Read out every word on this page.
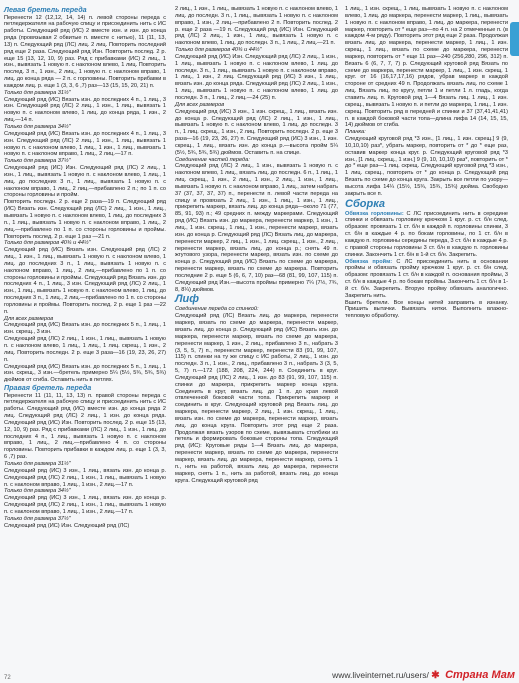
Левая бретель переда

Перенести 12 (12,12, 14, 14) п. левой стороны переда с петледержателя на рабочую спицу и присоединить нить с ИС работы. Следующий ряд (ИС) 2 вместе изн. и изн. до конца ряда (провязывая 2 обвитые п. вместе с нитью), 11 (11, 13, 13) п. Следующий ряд (ЛС) лиц. 2 лиц. Повторить последний ряд еще 2 раза. Следующий ряд Изн. Повторить послед. 2 р. еще 15 (13, 12, 10, 9) раз. Ряд с прибавками (ИС) 2 лиц., 1 изн., вывязать 1 новую п. с наклоном влево, 1 лиц. Повторить послед. 3 п., 1 изн., 2 лиц., 1 новую п. с наклоном вправо, 1 лиц. до конца ряда — 2 п. с горловины. Повторить прибавки в каждом лиц. р. еще 1 (3, 3, 6 ,7) раз—13 (15, 15, 20, 21) п.

Только для размера 31½"

Следующий ряд (ИС) Вязать изн. до последних 4 п., 1 лиц., 3 изн. Следующий ряд (ЛС) 2 лиц., 1 изн., 1 лиц., вывязать 1 новую п. с наклоном влево, 1 лиц. до конца ряда, 1 изн., 2 лиц.—14 п.

Только для размера 34½"

Следующий ряд (ИС) Вязать изн. до последних 4 п., 1 лиц., 3 изн. Следующий ряд (ЛС) 2 лиц., 1 изн., 1 лиц., вывязать 1 новую п. с наклоном влево, 1 лиц., 1 изн., 1 лиц., вывязать 1 новую п. с наклоном вправо, 1 лиц., 2 лиц.—17 п.

Только для размера 37½"

Следующий ряд (ИС) Изн. Следующий ряд (ЛС) 2 лиц., 1 изн., 1 лиц., вывязать 1 новую п. с наклоном влево, 1 лиц., 1 лиц. до последних 3 п., 1 лиц., вывязать 1 новую п. с наклоном вправо, 1 лиц., 2 лиц.—прибавлено 2 п.; по 1 п. со стороны горловины и пройм.

Повторить последн. 2 р. еще 2 раза—19 п. Следующий ряд (ИС) Вязать изн. Следующий ряд (ЛС) 2 лиц., 1 изн., 1 лиц., вывязать 1 новую п. с наклоном влево, 1 лиц. до последних 3 п., 1 лиц., вывязать 1 новую п. с наклоном вправо, 1 лиц., 2 лиц.—прибавлено по 1 п. со стороны горловины и проймы. Повторить послед. 2 р. еще 1 раз —21 п.

Только для размеров 40¾ и 44½"

Следующий ряд (ИС) Вязать изн. Следующий ряд (ЛС) 2 лиц., 1 изн., 1 лиц., вывязать 1 новую п. с наклоном влево, 1 лиц. до последних 3 п., 1 лиц., вывязать 1 новую п. с наклоном вправо, 1 лиц., 2 лиц.—прибавлено по 1 п. со стороны горловины и проймы. Следующий ряд Вязать изн. до последних 4 п., 1 лиц., 3 изн. Следующий ряд (ЛС) 2 лиц., 1 изн., 1 лиц., вывязать 1 новую п. с наклоном влево, 1 лиц. до последних 3 п., 1 лиц., 2 лиц.—прибавлено по 1 п. со стороны горловины и проймы. Повторить послед. 2 р. еще 1 раз —22 п.

Для всех размеров

Следующий ряд (ИС) Вязать изн. до последних 5 п., 1 лиц., 1 изн. скрещ., 3 изн.

Следующий ряд (ЛС) 2 лиц., 1 изн., 1 лиц., вывязать 1 новую п. с наклоном влево, 1 лиц., 1 лиц., 1 лиц. скрещ., 1 изн., 2 лиц. Повторить последн. 2 р. еще 3 раза—16 (19, 23, 26, 27) п.

Следующий ряд (ИС) Вязать изн. до последних 5 п., 1 лиц., 1 изн. скрещ., 3 изн.—бретель примерно 5¼ (5½, 5¾, 5¾, 5¾) дюймов от сгиба. Оставить нить в петлях.

Правая бретель переда

Перенести 11 (11, 11, 13, 13) п. правой стороны переда с петледержателя на рабочую спицу и присоединить нить с ИС работы. Следующий ряд (ИС) вместе изн. до конца ряда 2 лиц. Следующий ряд (ЛС) 2 лиц., 1 изн. до конца ряда. Следующий ряд (ИС) Изн. Повторить послед. 2 р. еще 15 (13, 12, 10, 9) раз. Ряд с прибавками (ЛС) 2 лиц., 1 изн., 1 лиц. до последних 4 п., 1 лиц., вывязать 1 новую п. с наклоном вправо, 1 лиц., 2 лиц.—прибавлено 4 п. со стороны горловины. Повторить прибавки в каждом лиц. р. еще 1 (3, 3, 6 ,7) раз.

Только для размера 31½"

Следующий ряд (ИС) 3 изн., 1 лиц., вязать изн. до конца р. Следующий ряд (ЛС) 2 лиц., 1 изн., 1 лиц., вывязать 1 новую п. с наклоном вправо, 1 лиц., 1 изн., 2 лиц.—17 п.

Только для размера 34½"

Следующий ряд (ИС) 3 изн., 1 лиц., вязать изн. до конца р. Следующий ряд (ЛС) 2 лиц., 1 изн., 1 лиц., вывязать 1 новую п. с наклоном вправо, 1 лиц., 1 изн., 2 лиц.—17 п.

Только для размера 37½"

Следующий ряд (ИС) Изн. Следующий ряд (ЛС)

2 лиц., 1 изн., 1 лиц., вывязать 1 новую п. с наклоном влево, 1 лиц. до последн. 3 п., 1 лиц., вывязать 1 новую п. с наклоном вправо, 1 изн., 2 лиц.—прибавлено 2 п. Повторить послед. 2 р. еще 2 раза —19 п. Следующий ряд (ИС) Изн. Следующий ряд (ЛС) 2 лиц., 1 изн., 1 лиц., вывязать 1 новую п. с наклоном влево, 1 лиц. до последн. 3 п., 1 лиц., 2 лиц.—21 п.

Только для размеров 40¾ и 44½"

Следующий ряд (ИС) Изн. Следующий ряд (ЛС) 2 лиц., 1 изн., 1 лиц., вывязать 1 новую п. с наклоном влево, 1 лиц. до последн. 3 п., 1 лиц., вывязать 1 новую п. с наклоном вправо, 1 лиц., 1 изн., 2 лиц. Следующий ряд (ИС) 3 изн., 1 лиц., вязать изн. до конца ряда. Следующий ряд (ЛС) 2 лиц., 1 изн., 1 лиц., вывязать 1 новую п. с наклоном влево, 1 лиц. до последн. 3 п., 1 лиц., 2 лиц.—24 (25) п.

Для всех размеров

Следующий ряд (ИС) 3 изн., 1 изн. скрещ., 1 лиц., вязать изн. до конца р. Следующий ряд (ЛС) 2 лиц., 1 изн., 1 лиц., вывязать 1 новую п. с наклоном влево, 1 лиц. до последн. 3 п., 1 лиц. скрещ., 1 изн., 2 лиц. Повторить последн. 2 р. еще 3 раза—16 (19, 23, 26, 27) п. Следующий ряд (ИС) 3 изн., 1 изн. скрещ., 1 лиц., вязать изн. до конца р.—высота пройм 5¼ (5½, 5¾, 5¾, 5¾) дюймов. Оставить п. на спице.

Соединение частей переда:

Следующий ряд (ЛС) 2 лиц., 1 изн., вывязать 1 новую п. с наклоном влево, 1 лиц., вязать лиц. до последн. 6 п., 1 лиц., 1 лиц. скрещ., 1 изн., 2 лиц., 1 изн., 2 лиц., 1 изн., 1 лиц., вывязать 1 новую п. с наклоном вправо, 1 лиц., затем набрать 37 (37, 37, 37, 37) п., перенести п. левой части переда на спицу и провязать 2 лиц., 1 изн., 1 лиц., 1 изн., 1 лиц., прикрепить маркер, вязать лиц. до конца ряда—около 71 (77, 85, 91, 93) п.; 49 средних п. между маркерами. Следующий ряд (ИС) Вязать изн. до маркера, перенести маркер, 1 изн., 1 лиц., 1 изн. скрещ., 1 лиц., 1 изн., перенести маркер, вязать изн. до конца р. Следующий ряд (ЛС) Вязать лиц. до маркера, перенести маркер, 2 лиц., 1 изн., 1 лиц. скрещ., 1 изн., 2 лиц., перенести маркер, вязать лиц. до конца р.; снять 49 п. жгутового узора, перенести маркер, вязать изн. по схеме до конца р. Следующий ряд (ИС) Вязать по схеме до маркера, перенести маркер, вязать по схеме до маркера. Повторить последние 2 р. еще 5 (6, 6, 7, 10) раз—68 (81, 99, 107, 115) п. Следующий ряд Изн.—высота проймы примерно 7¼ (7½, 7¾, 8, 8¼) дюймов.

Лиф

Соединение переда со спинкой:

Следующий ряд (ЛС) Вязать лиц. до маркера, перенести маркер, вязать по схеме до маркера, перенести маркер, вязать лиц. до конца р. Следующий ряд (ИС) Вязать изн. до маркера, перенести маркер, вязать по схеме до маркера, перенести маркер, 1 изн., 2 лиц., прибавлено 3 п., набрать 3 (3, 5, 5, 7) п., перенести маркер, перенести 83 (91, 99, 107, 115) п. спинки на ту же спицу с ИС работы, 2 лиц., 1 изн. до последн. 3 п., 1 изн., 2 лиц., прибавлено 3 п., набрать 3 (3, 5, 5, 7) п.—172 (188, 208, 224, 244) п. Соединить в круг. Следующий ряд (ЛС) 2 лиц., 1 изн. до 83 (91, 99, 107, 115) п. спинки до маркера, прикрепить маркер конца круга. Соединить в круг, вязать лиц. до 1 п. до края левой отвлеченной боковой части топа. Прикрепить маркер и соединить в круг. Следующий круговой ряд Вязать лиц. до маркера, перенести маркер, 2 лиц., 1 изн. скрещ., 1 лиц., вязать изн. по схеме до маркера, перенести маркер, вязать лиц. до конца круга. Повторить этот ряд еще 2 раза. Продолжая вязать узоров по схеме, вывязывать столбики из петель и формировать боковые стороны топа. Следующий ряд (ИС): Круговые ряды 1—4 Вязать лиц. до маркера, перенести маркер, вязать по схеме до маркера, перенести маркер, вязать лиц. до маркера, перенести маркер, снять 1 п., нить на работой, вязать лиц. до маркера, перенести маркер, снять 1 п., нить за работой, вязать лиц. до конца круга. Следующий круговой ряд

1 лиц., 1 изн. скрещ., 1 лиц. вывязать 1 новую п. с наклоном влево, 1 лиц. до маркера, перенести маркер, 1 лиц., вывязать 1 новую п. с наклоном вправо, 1 лиц. до маркера, перенести маркер, повторить от * еще раз—по 4 п. на 2 отмеченные п. (в каждом 4-м ряду). Повторить этот ряд еще 2 раза. Продолжая вязать лиц. до маркера, перенести маркер, 1 лиц., 1 изн. скрещ., 1 лиц., вязать по схеме до маркера, перенести маркер, повторить от * еще 11 раз—240 (256,280, 296, 312) п. Вязать 6 (6, 7, 7, 7) р. Следующий круговой ряд Вязать по схеме до маркера, перенести маркер, 1 лиц., 1 изн. скрещ. 1 круг. от 16 (16,17,17,16) рядов, убрав маркер в каждой стороне от средних 49 п. Продолжать вязать лиц. по схеме 1 лиц. Вязать лиц. по кругу, петли 1 и петли 1 л. гладь, когда ставить лиц. п. Круговой ряд 1—4 Вязать лиц. 1 лиц., 1 изн. скрещ., вывязать 1 новую п. и петли до маркера, 1 лиц., 1 изн. скрещ. Повторить ряд в передней и спинки и 37 (37,41,41,41) п. в каждой боковой части топа—длина лифа 14 (14, 15, 15, 14) дюймов от сгиба.

Планка:

Следующий круговой ряд *3 изн., [1 лиц., 1 изн. скрещ.] 9 (9, 10,10,10) раз*, убрать маркер, повторить от * до * еще раз, оставив маркер конца круг. р. Следующий круговой ряд *3 изн., [1 лиц. скрещ., 1 изн.] 9 (9, 10, 10,10) раз*, повторить от * до * еще раз—1 лиц. скрещ. Следующий круговой ряд *3 изн., 1 лиц. скрещ., повторить от * до конца р. Следующий ряд Вязать по схеме до конца круга. Закрыть все петли по узору—высота лифа 14¼ (15½, 15¾, 15¾, 15¾) дюйма. Свободно закрыть все п.

Сборка

Обвязка горловины: С ЛС присоединить нить в середине спинки и обвязать горловину крючком 1 круг. р. ст. б/н след. образом: провязать 1 ст. б/н в каждой п. горловины спинки, 3 ст. б/н в каждые 4 р. по бокам горловины, по 1 ст. б/н в каждую п. горловины середины переда, 3 ст. б/н в каждые 4 р. с правой стороны горловины 3 ст. б/н в каждую п. горловины спинки. Закончить 1 ст. б/н в 1-й ст. б/н. Закрепить.

Обвязка пройм: С ЛС присоединить нить в основании проймы и обвязать пройму крючком 1 круг. р. ст. б/н след. образом: провязать 1 ст. б/н в каждой п. основания проймы, 3 ст. б/н в каждые 4 р. по бокам проймы. Закончить 1 ст. б/н в 1-й ст. б/н. Закрепить. Вторую пройму обвязать аналогично. Закрепить нить.

Вшить бретели. Все концы нитей заправить в изнанку. Пришить вытачки. Вывязать нитки. Выполнить влажно-тепловую обработку.

72	www.liveinternet.ru/users/ ✱ Страна Мам
